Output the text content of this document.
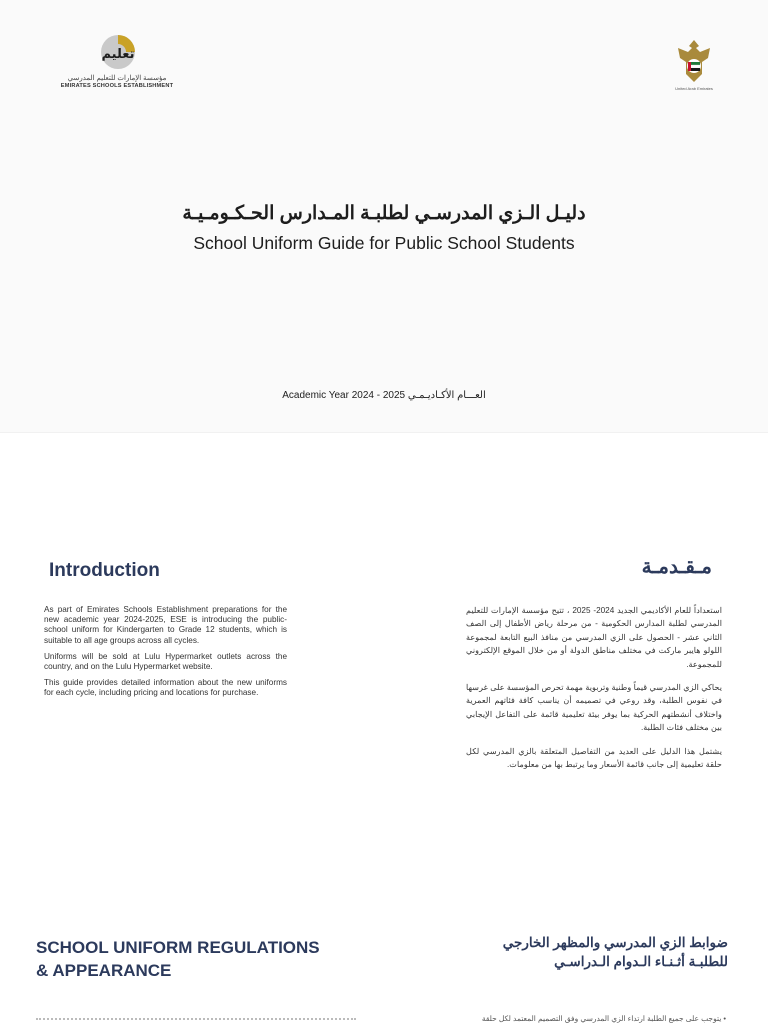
تعليم
مؤسسة الإمارات للتعليم المدرسي
EMIRATES SCHOOLS ESTABLISHMENT	United Arab Emirates
دليـل الـزي المدرسـي لطلبـة المـدارس الحـكـومـيـة
School Uniform Guide for Public School Students
Academic Year 2024 - 2025 العـــام الأكـاديـمـي
Introduction	مـقـدمـة

As part of Emirates Schools Establishment preparations for the new academic year 2024-2025, ESE is introducing the public-school uniform for Kindergarten to Grade 12 students, which is suitable to all age groups across all cycles.

Uniforms will be sold at Lulu Hypermarket outlets across the country, and on the Lulu Hypermarket website.

This guide provides detailed information about the new uniforms for each cycle, including pricing and locations for purchase.

استعداداً للعام الأكاديمي الجديد 2024- 2025 ، تتيح مؤسسة الإمارات للتعليم المدرسي لطلبة المدارس الحكومية - من مرحلة رياض الأطفال إلى الصف الثاني عشر - الحصول على الزي المدرسي من منافذ البيع التابعة لمجموعة اللولو هايبر ماركت في مختلف مناطق الدولة أو من خلال الموقع الإلكتروني للمجموعة.

يحاكي الزي المدرسي قيماً وطنية وتربوية مهمة تحرص المؤسسة على غرسها في نفوس الطلبة، وقد روعي في تصميمه أن يناسب كافة فئاتهم العمرية واختلاف أنشطتهم الحركية بما يوفر بيئة تعليمية قائمة على التفاعل الإيجابي بين مختلف فئات الطلبة.

يشتمل هذا الدليل على العديد من التفاصيل المتعلقة بالزي المدرسي لكل حلقة تعليمية إلى جانب قائمة الأسعار وما يرتبط بها من معلومات.

SCHOOL UNIFORM REGULATIONS
& APPEARANCE
ضوابط الزي المدرسي والمظهر الخارجي
للطلبـة أثـنـاء الـدوام الـدراسـي
• يتوجب على جميع الطلبة ارتداء الزي المدرسي وفق التصميم المعتمد لكل حلقة
